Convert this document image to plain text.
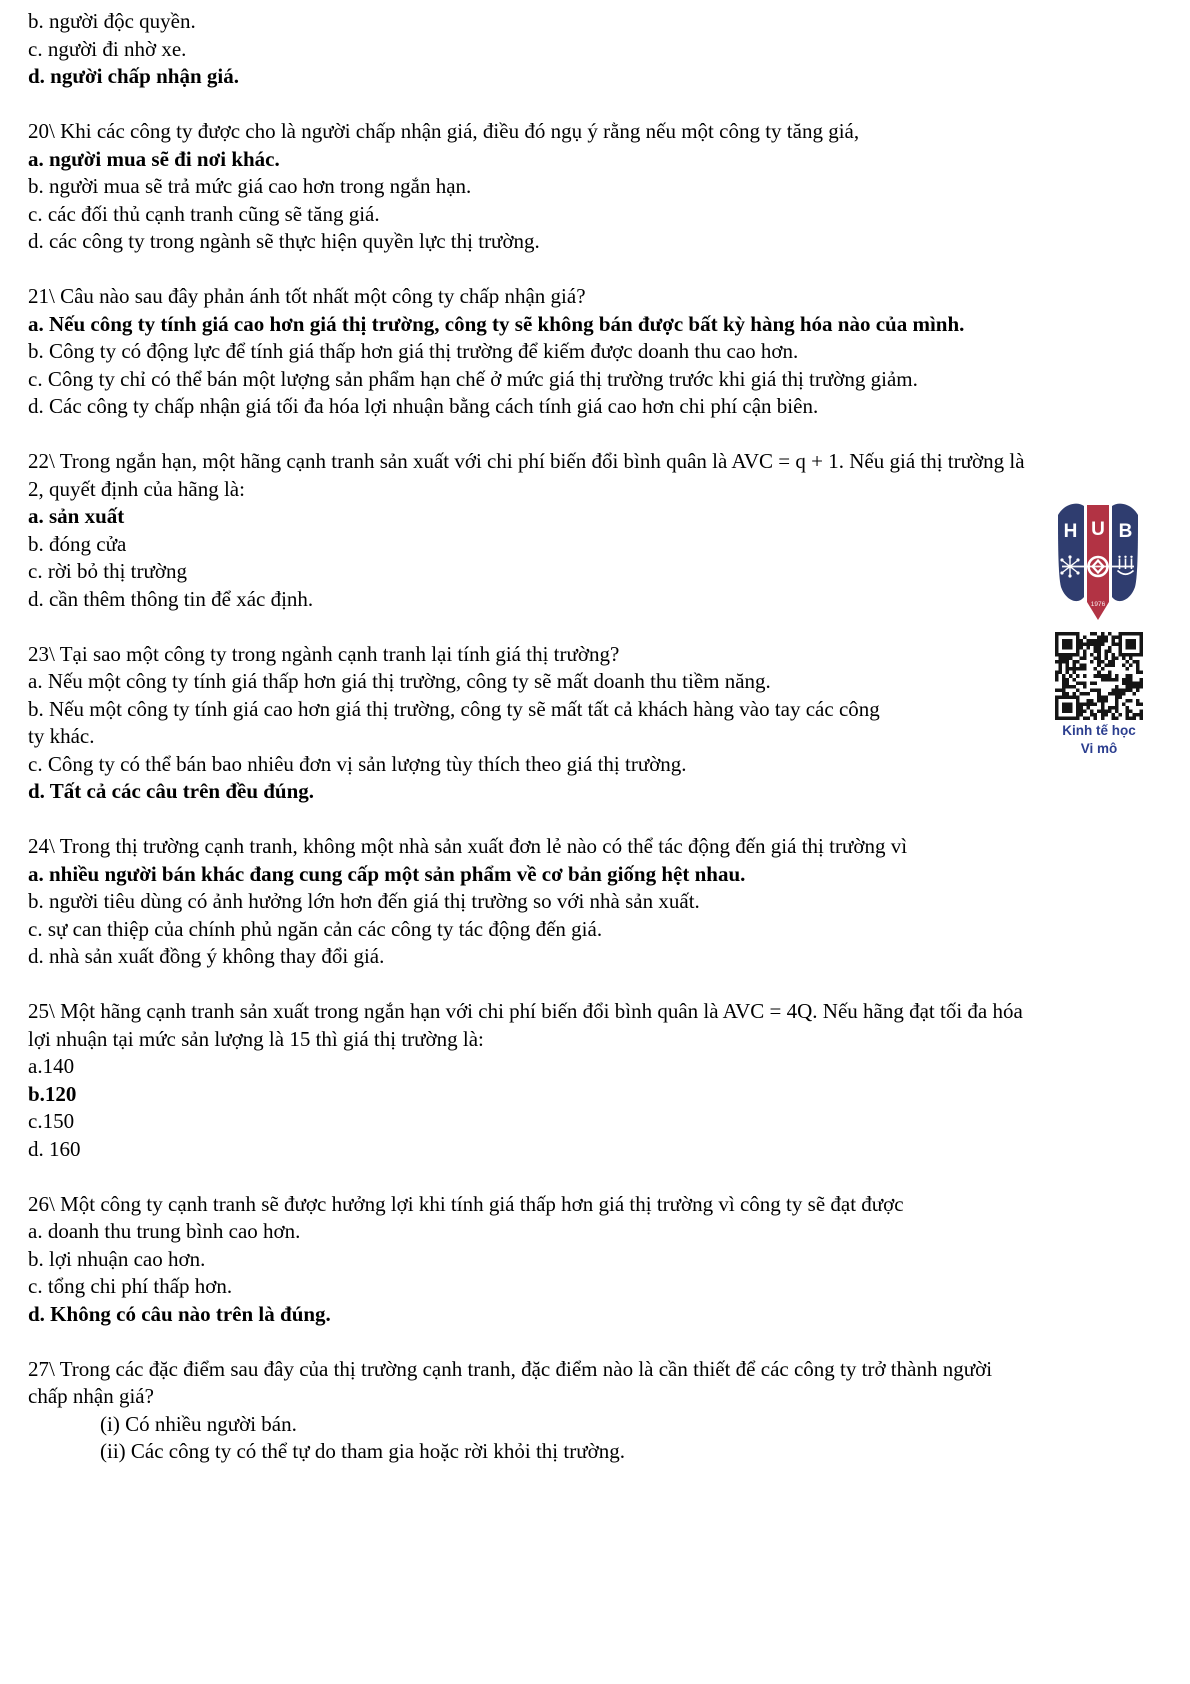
b. người độc quyền.
c. người đi nhờ xe.
d. người chấp nhận giá.
20\ Khi các công ty được cho là người chấp nhận giá, điều đó ngụ ý rằng nếu một công ty tăng giá,
a. người mua sẽ đi nơi khác.
b. người mua sẽ trả mức giá cao hơn trong ngắn hạn.
c. các đối thủ cạnh tranh cũng sẽ tăng giá.
d. các công ty trong ngành sẽ thực hiện quyền lực thị trường.
21\ Câu nào sau đây phản ánh tốt nhất một công ty chấp nhận giá?
a. Nếu công ty tính giá cao hơn giá thị trường, công ty sẽ không bán được bất kỳ hàng hóa nào của mình.
b. Công ty có động lực để tính giá thấp hơn giá thị trường để kiếm được doanh thu cao hơn.
c. Công ty chỉ có thể bán một lượng sản phẩm hạn chế ở mức giá thị trường trước khi giá thị trường giảm.
d. Các công ty chấp nhận giá tối đa hóa lợi nhuận bằng cách tính giá cao hơn chi phí cận biên.
22\ Trong ngắn hạn, một hãng cạnh tranh sản xuất với chi phí biến đổi bình quân là AVC = q + 1. Nếu giá thị trường là
2, quyết định của hãng là:
a. sản xuất
b. đóng cửa
c. rời bỏ thị trường
d. cần thêm thông tin để xác định.
23\ Tại sao một công ty trong ngành cạnh tranh lại tính giá thị trường?
a. Nếu một công ty tính giá thấp hơn giá thị trường, công ty sẽ mất doanh thu tiềm năng.
b. Nếu một công ty tính giá cao hơn giá thị trường, công ty sẽ mất tất cả khách hàng vào tay các công
ty khác.
c. Công ty có thể bán bao nhiêu đơn vị sản lượng tùy thích theo giá thị trường.
d. Tất cả các câu trên đều đúng.
24\ Trong thị trường cạnh tranh, không một nhà sản xuất đơn lẻ nào có thể tác động đến giá thị trường vì
a. nhiều người bán khác đang cung cấp một sản phẩm về cơ bản giống hệt nhau.
b. người tiêu dùng có ảnh hưởng lớn hơn đến giá thị trường so với nhà sản xuất.
c. sự can thiệp của chính phủ ngăn cản các công ty tác động đến giá.
d. nhà sản xuất đồng ý không thay đổi giá.
25\ Một hãng cạnh tranh sản xuất trong ngắn hạn với chi phí biến đổi bình quân là AVC = 4Q. Nếu hãng đạt tối đa hóa
lợi nhuận tại mức sản lượng là 15 thì giá thị trường là:
a.140
b.120
c.150
d. 160
26\ Một công ty cạnh tranh sẽ được hưởng lợi khi tính giá thấp hơn giá thị trường vì công ty sẽ đạt được
a. doanh thu trung bình cao hơn.
b. lợi nhuận cao hơn.
c. tổng chi phí thấp hơn.
d. Không có câu nào trên là đúng.
27\ Trong các đặc điểm sau đây của thị trường cạnh tranh, đặc điểm nào là cần thiết để các công ty trở thành người
chấp nhận giá?
(i) Có nhiều người bán.
(ii) Các công ty có thể tự do tham gia hoặc rời khỏi thị trường.
H U B
1976
Kinh tế học
Vi mô
